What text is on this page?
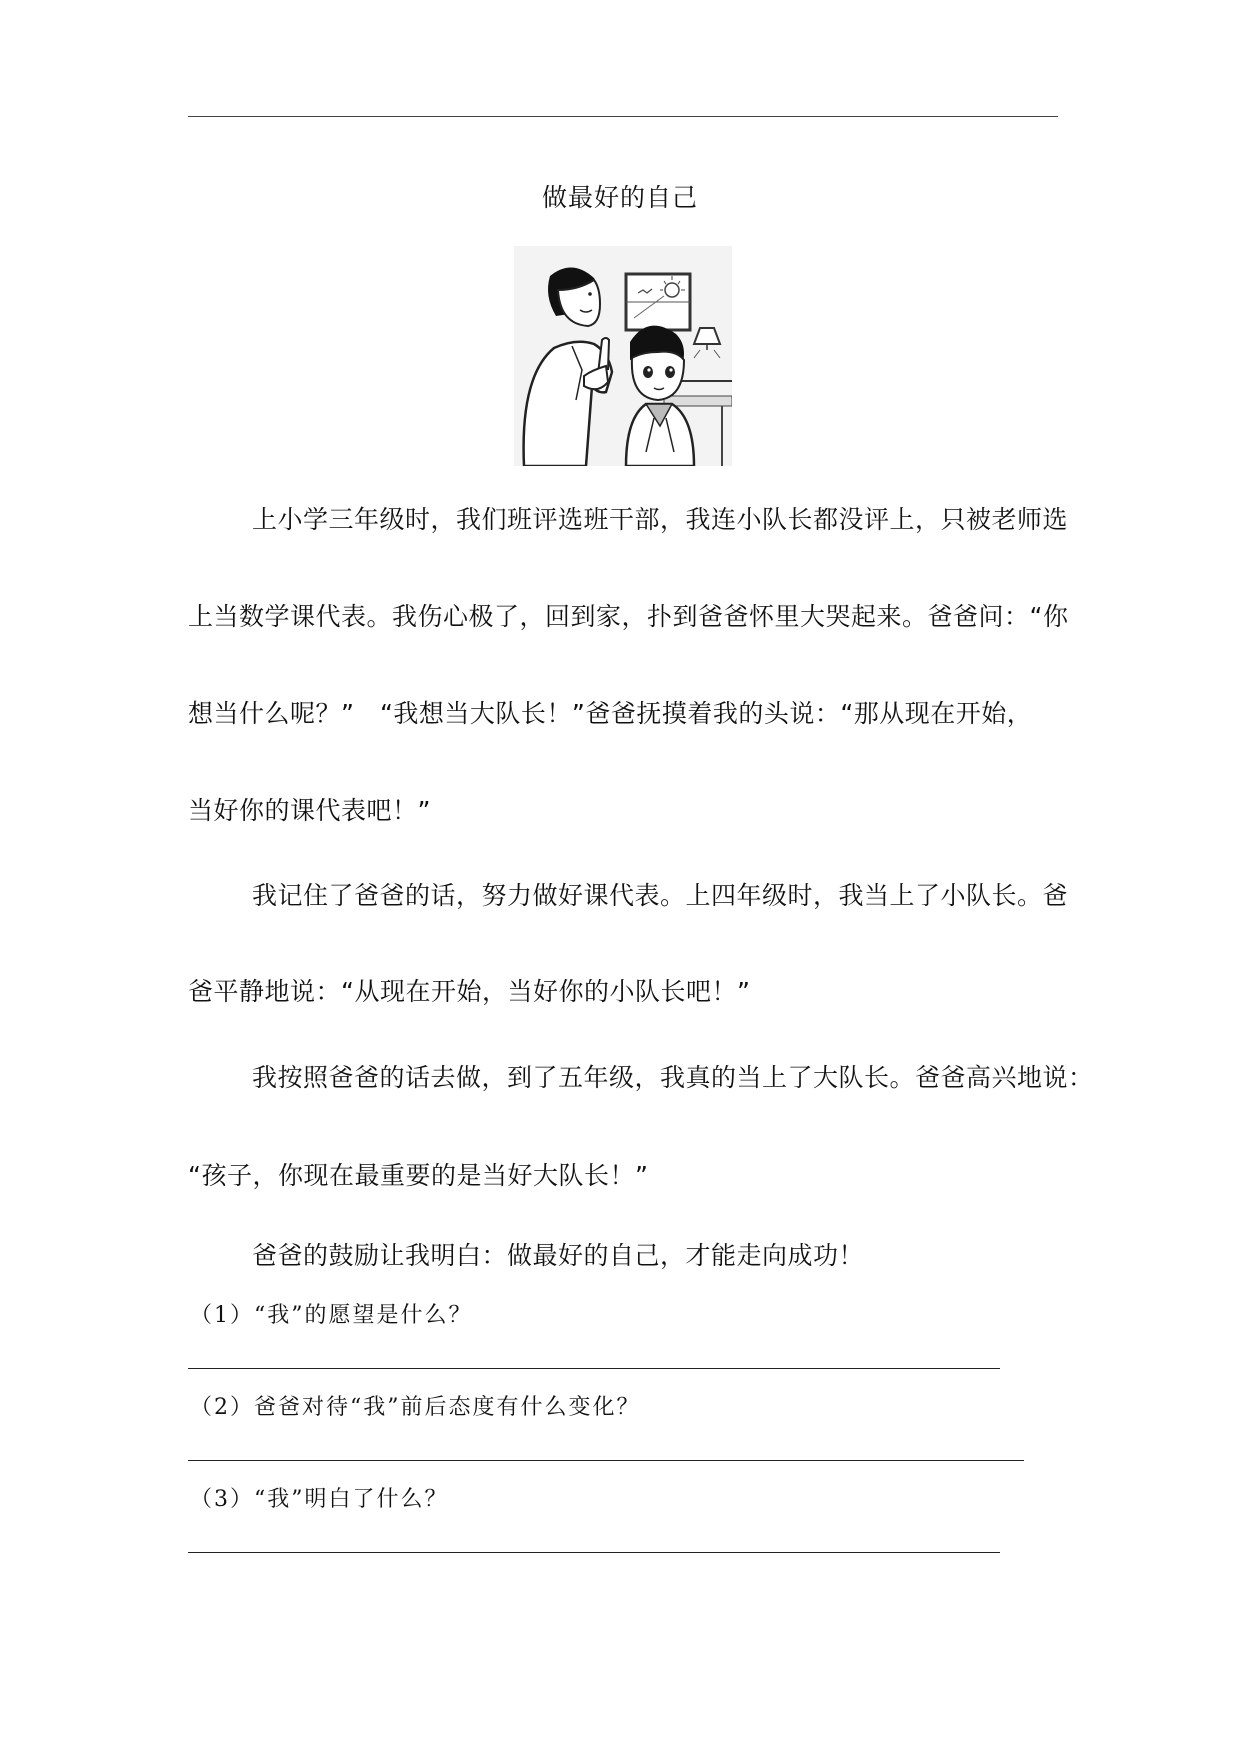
做最好的自己
上小学三年级时，我们班评选班干部，我连小队长都没评上，只被老师选
上当数学课代表。我伤心极了，回到家，扑到爸爸怀里大哭起来。爸爸问：“你
想当什么呢？”　“我想当大队长！”爸爸抚摸着我的头说：“那从现在开始，
当好你的课代表吧！”
我记住了爸爸的话，努力做好课代表。上四年级时，我当上了小队长。爸
爸平静地说：“从现在开始，当好你的小队长吧！”
我按照爸爸的话去做，到了五年级，我真的当上了大队长。爸爸高兴地说：
“孩子，你现在最重要的是当好大队长！”
爸爸的鼓励让我明白：做最好的自己，才能走向成功！
（1）“我”的愿望是什么？
（2）爸爸对待“我”前后态度有什么变化？
（3）“我”明白了什么？
